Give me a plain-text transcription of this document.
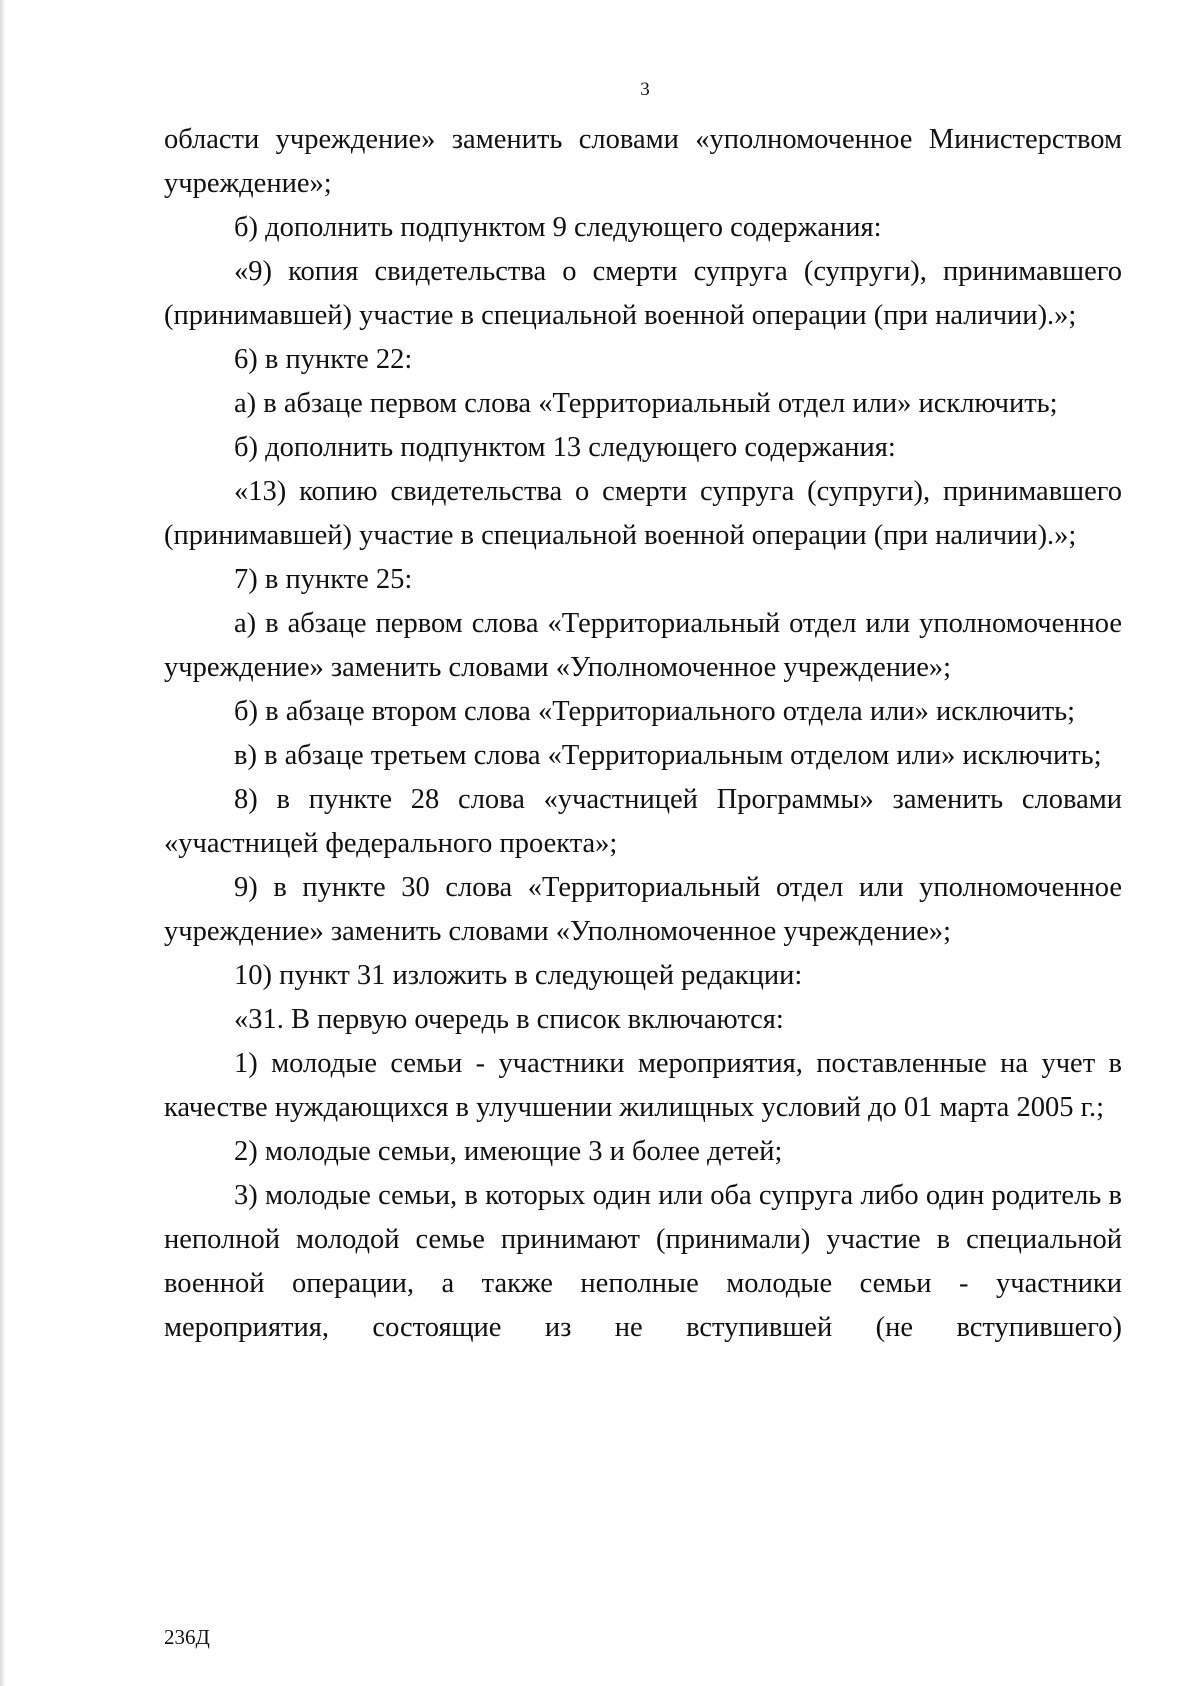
3

области учреждение» заменить словами «уполномоченное Министерством учреждение»;

б) дополнить подпунктом 9 следующего содержания:

«9) копия свидетельства о смерти супруга (супруги), принимавшего (принимавшей) участие в специальной военной операции (при наличии).»;

6) в пункте 22:

а) в абзаце первом слова «Территориальный отдел или» исключить;

б) дополнить подпунктом 13 следующего содержания:

«13) копию свидетельства о смерти супруга (супруги), принимавшего (принимавшей) участие в специальной военной операции (при наличии).»;

7) в пункте 25:

а) в абзаце первом слова «Территориальный отдел или уполномоченное учреждение» заменить словами «Уполномоченное учреждение»;

б) в абзаце втором слова «Территориального отдела или» исключить;

в) в абзаце третьем слова «Территориальным отделом или» исключить;

8) в пункте 28 слова «участницей Программы» заменить словами «участницей федерального проекта»;

9) в пункте 30 слова «Территориальный отдел или уполномоченное учреждение» заменить словами «Уполномоченное учреждение»;

10) пункт 31 изложить в следующей редакции:

«31. В первую очередь в список включаются:

1) молодые семьи - участники мероприятия, поставленные на учет в качестве нуждающихся в улучшении жилищных условий до 01 марта 2005 г.;

2) молодые семьи, имеющие 3 и более детей;

3) молодые семьи, в которых один или оба супруга либо один родитель в неполной молодой семье принимают (принимали) участие в специальной военной операции, а также неполные молодые семьи - участники мероприятия, состоящие из не вступившей (не вступившего)

236Д
